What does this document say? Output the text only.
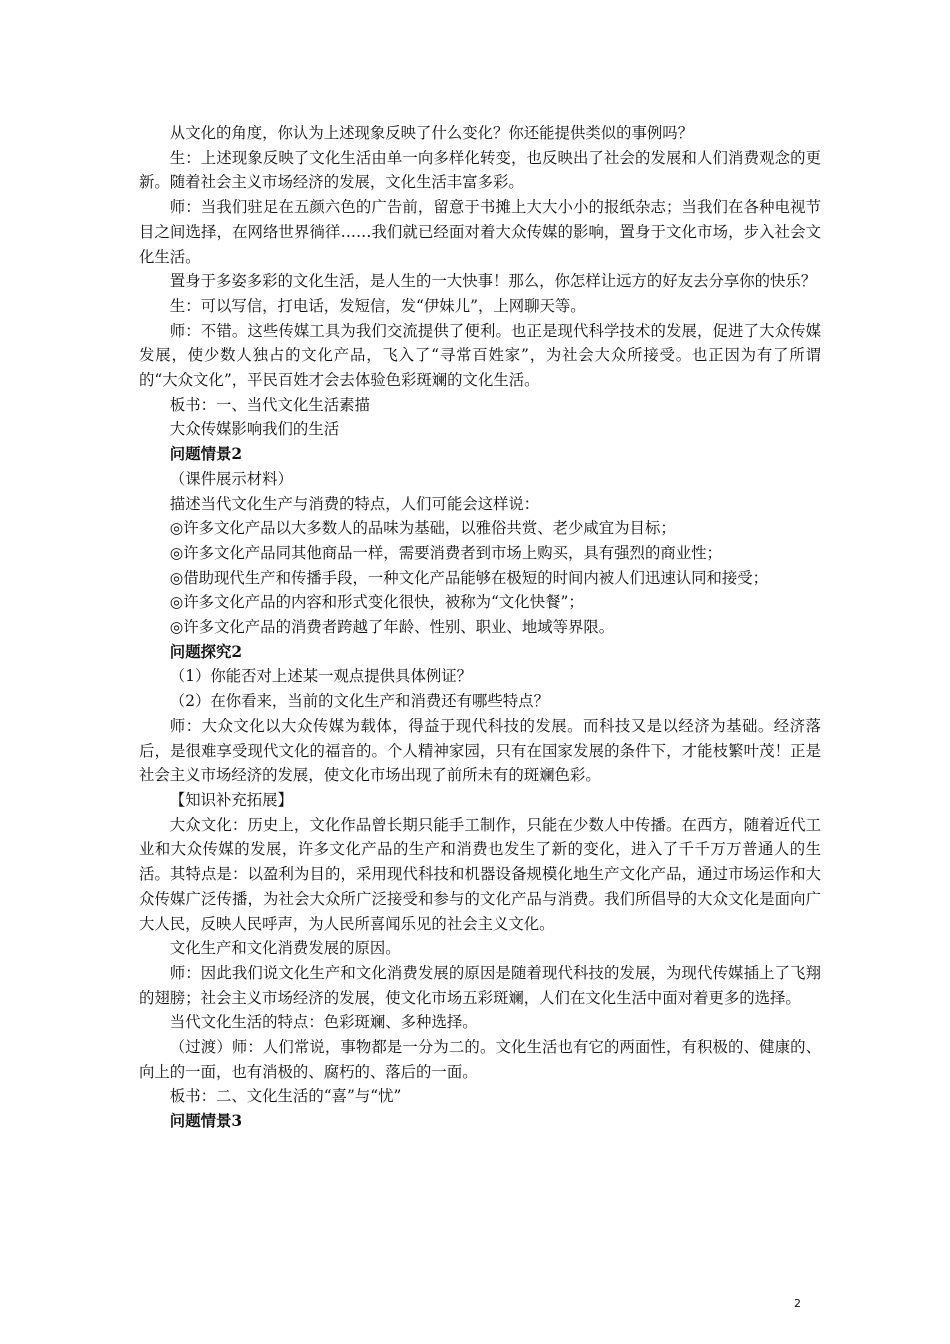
从文化的角度，你认为上述现象反映了什么变化？你还能提供类似的事例吗？

生：上述现象反映了文化生活由单一向多样化转变，也反映出了社会的发展和人们消费观念的更新。随着社会主义市场经济的发展，文化生活丰富多彩。

师：当我们驻足在五颜六色的广告前，留意于书摊上大大小小的报纸杂志；当我们在各种电视节目之间选择，在网络世界徜徉……我们就已经面对着大众传媒的影响，置身于文化市场，步入社会文化生活。

置身于多姿多彩的文化生活，是人生的一大快事！那么，你怎样让远方的好友去分享你的快乐？

生：可以写信，打电话，发短信，发“伊妹儿”，上网聊天等。

师：不错。这些传媒工具为我们交流提供了便利。也正是现代科学技术的发展，促进了大众传媒发展，使少数人独占的文化产品，飞入了“寻常百姓家”，为社会大众所接受。也正因为有了所谓的“大众文化”，平民百姓才会去体验色彩斑斓的文化生活。

板书：一、当代文化生活素描

大众传媒影响我们的生活

问题情景2

（课件展示材料）

描述当代文化生产与消费的特点，人们可能会这样说：

◎许多文化产品以大多数人的品味为基础，以雅俗共赏、老少咸宜为目标；

◎许多文化产品同其他商品一样，需要消费者到市场上购买，具有强烈的商业性；

◎借助现代生产和传播手段，一种文化产品能够在极短的时间内被人们迅速认同和接受；

◎许多文化产品的内容和形式变化很快，被称为“文化快餐”；

◎许多文化产品的消费者跨越了年龄、性别、职业、地域等界限。

问题探究2

（1）你能否对上述某一观点提供具体例证？

（2）在你看来，当前的文化生产和消费还有哪些特点？

师：大众文化以大众传媒为载体，得益于现代科技的发展。而科技又是以经济为基础。经济落后，是很难享受现代文化的福音的。个人精神家园，只有在国家发展的条件下，才能枝繁叶茂！正是社会主义市场经济的发展，使文化市场出现了前所未有的斑斓色彩。

【知识补充拓展】

大众文化：历史上，文化作品曾长期只能手工制作，只能在少数人中传播。在西方，随着近代工业和大众传媒的发展，许多文化产品的生产和消费也发生了新的变化，进入了千千万万普通人的生活。其特点是：以盈利为目的，采用现代科技和机器设备规模化地生产文化产品，通过市场运作和大众传媒广泛传播，为社会大众所广泛接受和参与的文化产品与消费。我们所倡导的大众文化是面向广大人民，反映人民呼声，为人民所喜闻乐见的社会主义文化。

文化生产和文化消费发展的原因。

师：因此我们说文化生产和文化消费发展的原因是随着现代科技的发展，为现代传媒插上了飞翔的翅膀；社会主义市场经济的发展，使文化市场五彩斑斓，人们在文化生活中面对着更多的选择。

当代文化生活的特点：色彩斑斓、多种选择。

（过渡）师：人们常说，事物都是一分为二的。文化生活也有它的两面性，有积极的、健康的、向上的一面，也有消极的、腐朽的、落后的一面。

板书：二、文化生活的“喜”与“忧”

问题情景3

2
